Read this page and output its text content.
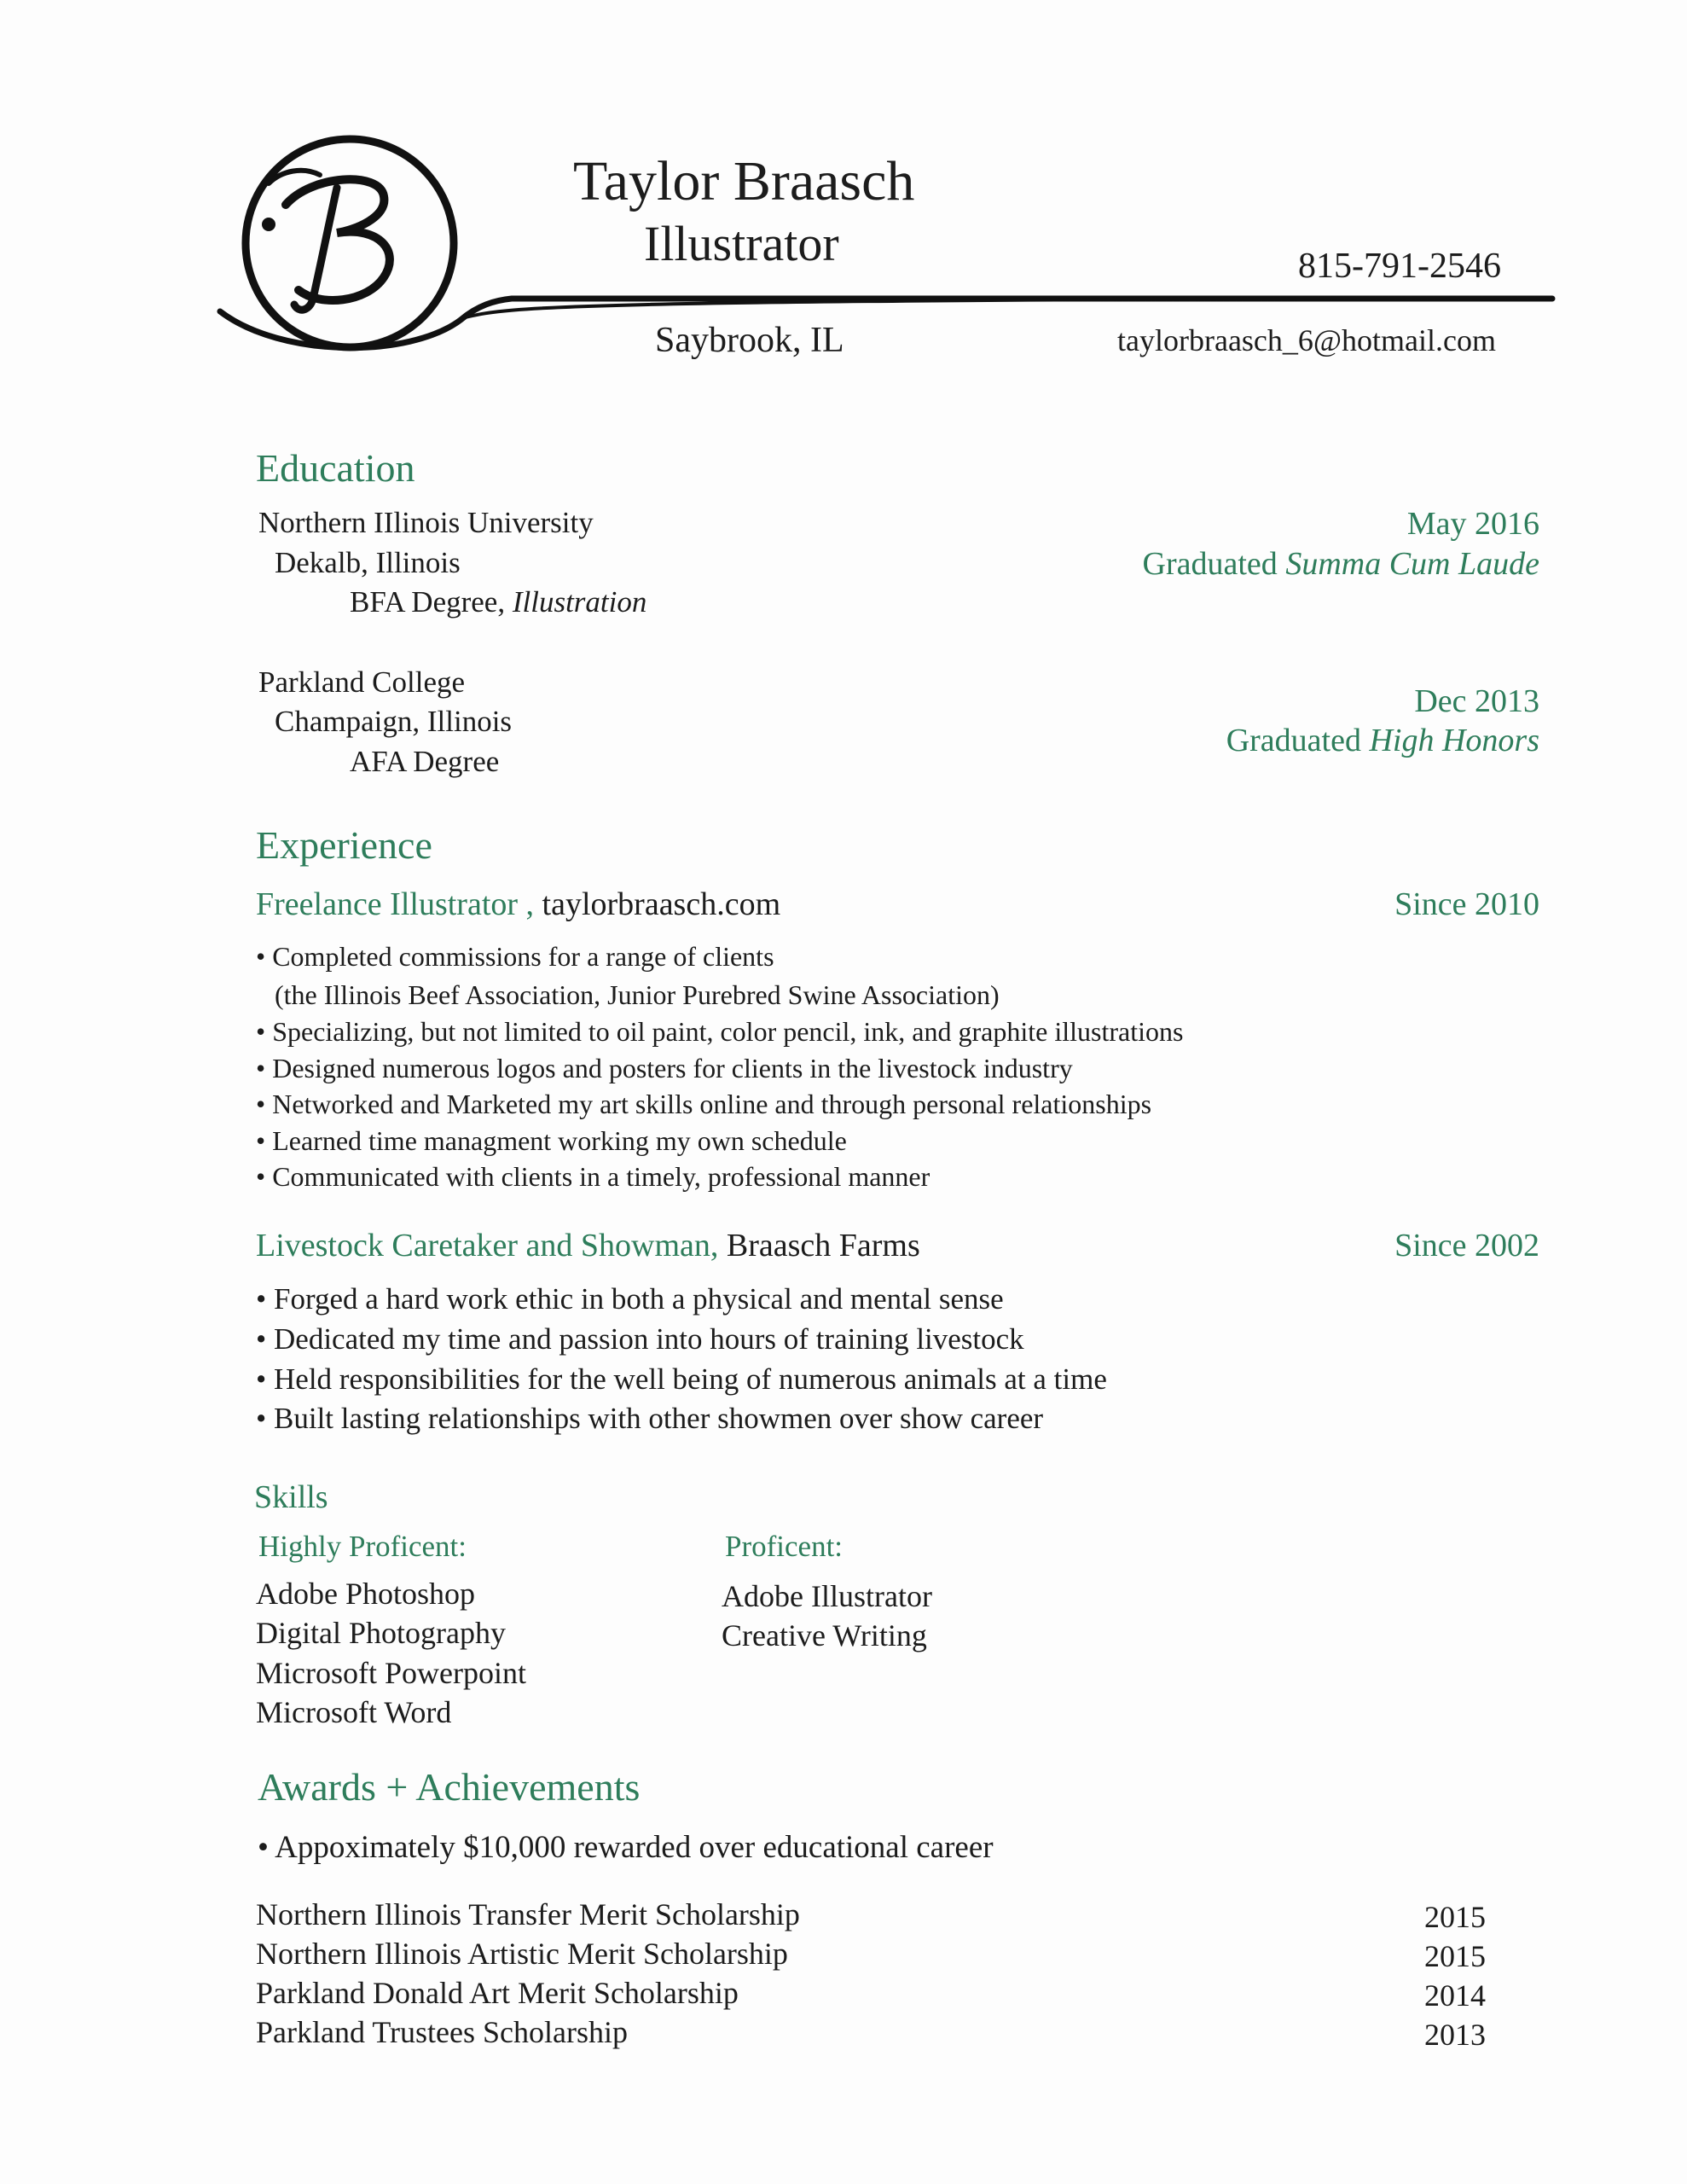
Taylor Braasch
Illustrator	815-791-2546
Saybrook, IL	taylorbraasch_6@hotmail.com
Education
Northern IIlinois University
Dekalb, Illinois
BFA Degree, Illustration
May 2016
Graduated Summa Cum Laude
Parkland College
Champaign, Illinois
AFA Degree
Dec 2013
Graduated High Honors
Experience
Freelance Illustrator , taylorbraasch.com	Since 2010
• Completed commissions for a range of clients
(the Illinois Beef Association, Junior Purebred Swine Association)
• Specializing, but not limited to oil paint, color pencil, ink, and graphite illustrations
• Designed numerous logos and posters for clients in the livestock industry
• Networked and Marketed my art skills online and through personal relationships
• Learned time managment working my own schedule
• Communicated with clients in a timely, professional manner
Livestock Caretaker and Showman, Braasch Farms	Since 2002
• Forged a hard work ethic in both a physical and mental sense
• Dedicated my time and passion into hours of training livestock
• Held responsibilities for the well being of numerous animals at a time
• Built lasting relationships with other showmen over show career
Skills
Highly Proficent:
Adobe Photoshop
Digital Photography
Microsoft Powerpoint
Microsoft Word
Proficent:
Adobe Illustrator
Creative Writing
Awards + Achievements
• Appoximately $10,000 rewarded over educational career
Northern Illinois Transfer Merit Scholarship	2015
Northern Illinois Artistic Merit Scholarship	2015
Parkland Donald Art Merit Scholarship	2014
Parkland Trustees Scholarship	2013
